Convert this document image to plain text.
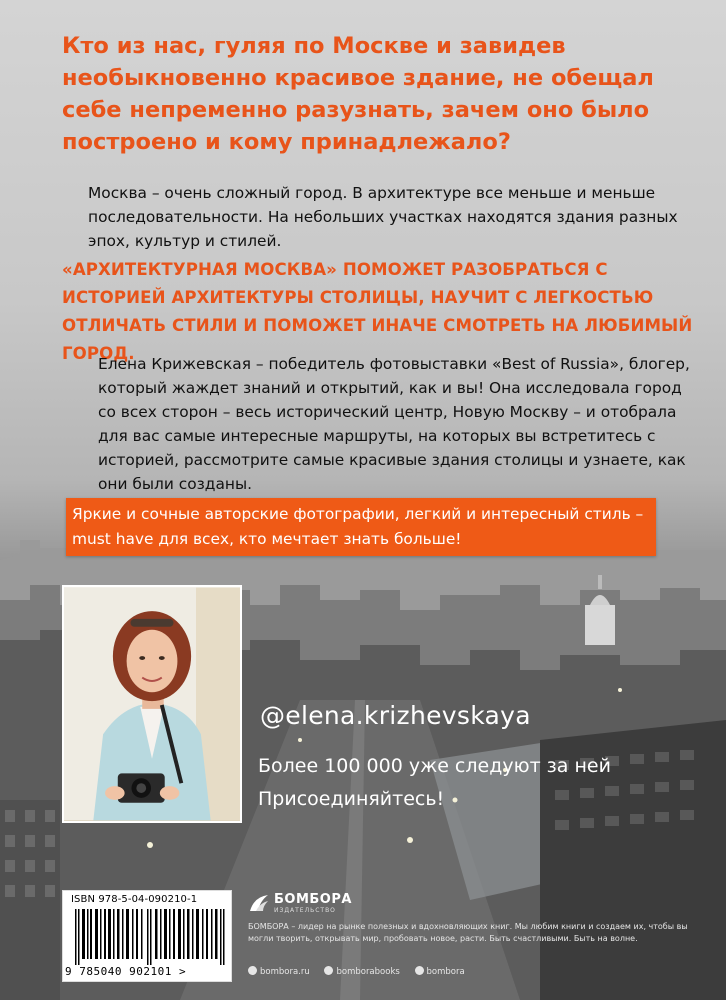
Кто из нас, гуляя по Москве и завидев необыкновенно красивое здание, не обещал себе непременно разузнать, зачем оно было построено и кому принадлежало?

Москва – очень сложный город. В архитектуре все меньше и меньше последовательности. На небольших участках находятся здания разных эпох, культур и стилей.

«АРХИТЕКТУРНАЯ МОСКВА» ПОМОЖЕТ РАЗОБРАТЬСЯ С ИСТОРИЕЙ АРХИТЕКТУРЫ СТОЛИЦЫ, НАУЧИТ С ЛЕГКОСТЬЮ ОТЛИЧАТЬ СТИЛИ И ПОМОЖЕТ ИНАЧЕ СМОТРЕТЬ НА ЛЮБИМЫЙ ГОРОД.

Елена Крижевская – победитель фотовыставки «Best of Russia», блогер, который жаждет знаний и открытий, как и вы! Она исследовала город со всех сторон – весь исторический центр, Новую Москву – и отобрала для вас самые интересные маршруты, на которых вы встретитесь с историей, рассмотрите самые красивые здания столицы и узнаете, как они были созданы.

Яркие и сочные авторские фотографии, легкий и интересный стиль – must have для всех, кто мечтает знать больше!

@elena.krizhevskaya

Более 100 000 уже следуют за ней
Присоединяйтесь!

ISBN 978-5-04-090210-1
9 785040 902101 >
БОМБОРА
ИЗДАТЕЛЬСТВО

БОМБОРА – лидер на рынке полезных и вдохновляющих книг. Мы любим книги и создаем их, чтобы вы могли творить, открывать мир, пробовать новое, расти. Быть счастливыми. Быть на волне.

bombora.ru	bomborabooks	bombora
